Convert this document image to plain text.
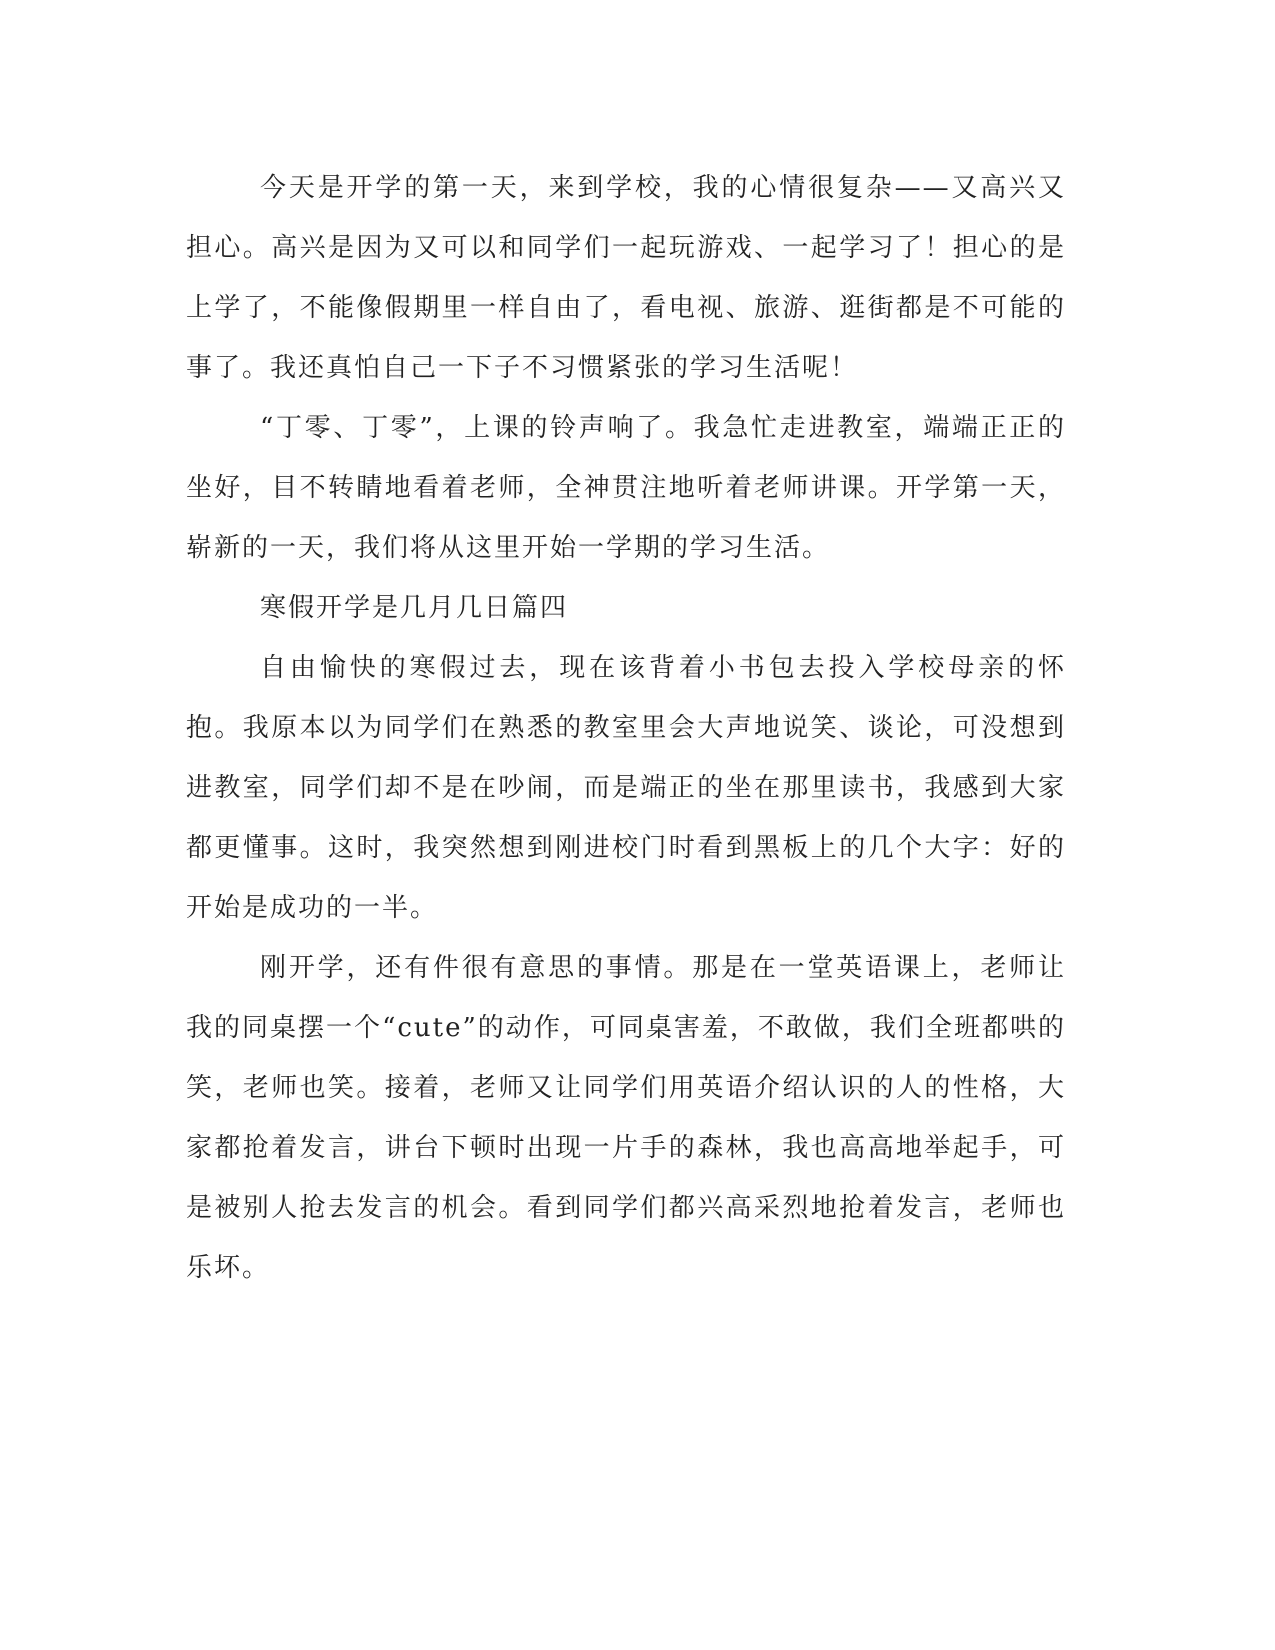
今天是开学的第一天，来到学校，我的心情很复杂——又高兴又担心。高兴是因为又可以和同学们一起玩游戏、一起学习了！担心的是上学了，不能像假期里一样自由了，看电视、旅游、逛街都是不可能的事了。我还真怕自己一下子不习惯紧张的学习生活呢！

“丁零、丁零”，上课的铃声响了。我急忙走进教室，端端正正的坐好，目不转睛地看着老师，全神贯注地听着老师讲课。开学第一天，崭新的一天，我们将从这里开始一学期的学习生活。

寒假开学是几月几日篇四

自由愉快的寒假过去，现在该背着小书包去投入学校母亲的怀抱。我原本以为同学们在熟悉的教室里会大声地说笑、谈论，可没想到进教室，同学们却不是在吵闹，而是端正的坐在那里读书，我感到大家都更懂事。这时，我突然想到刚进校门时看到黑板上的几个大字：好的开始是成功的一半。

刚开学，还有件很有意思的事情。那是在一堂英语课上，老师让我的同桌摆一个“cute”的动作，可同桌害羞，不敢做，我们全班都哄的笑，老师也笑。接着，老师又让同学们用英语介绍认识的人的性格，大家都抢着发言，讲台下顿时出现一片手的森林，我也高高地举起手，可是被别人抢去发言的机会。看到同学们都兴高采烈地抢着发言，老师也乐坏。
